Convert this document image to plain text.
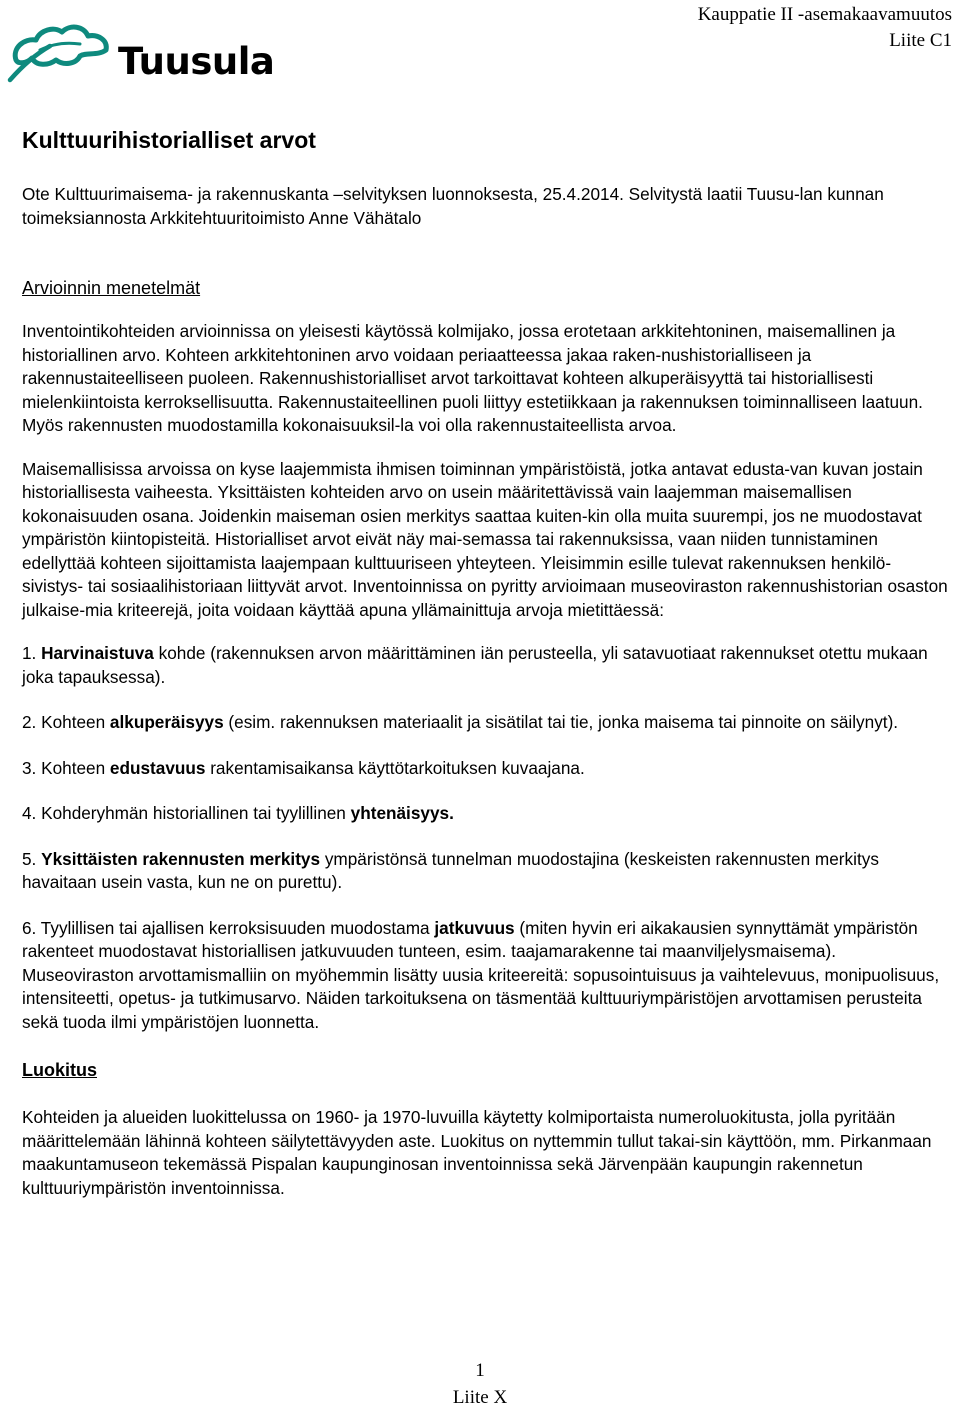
Tuusula
Kauppatie II -asemakaavamuutos
Liite C1
Kulttuurihistorialliset arvot

Ote Kulttuurimaisema- ja rakennuskanta –selvityksen luonnoksesta, 25.4.2014. Selvitystä laatii Tuusu-lan kunnan toimeksiannosta Arkkitehtuuritoimisto Anne Vähätalo

Arvioinnin menetelmät

Inventointikohteiden arvioinnissa on yleisesti käytössä kolmijako, jossa erotetaan arkkitehtoninen, maisemallinen ja historiallinen arvo. Kohteen arkkitehtoninen arvo voidaan periaatteessa jakaa raken-nushistorialliseen ja rakennustaiteelliseen puoleen. Rakennushistorialliset arvot tarkoittavat kohteen alkuperäisyyttä tai historiallisesti mielenkiintoista kerroksellisuutta. Rakennustaiteellinen puoli liittyy estetiikkaan ja rakennuksen toiminnalliseen laatuun. Myös rakennusten muodostamilla kokonaisuuksil-la voi olla rakennustaiteellista arvoa.

Maisemallisissa arvoissa on kyse laajemmista ihmisen toiminnan ympäristöistä, jotka antavat edusta-van kuvan jostain historiallisesta vaiheesta. Yksittäisten kohteiden arvo on usein määritettävissä vain laajemman maisemallisen kokonaisuuden osana. Joidenkin maiseman osien merkitys saattaa kuiten-kin olla muita suurempi, jos ne muodostavat ympäristön kiintopisteitä. Historialliset arvot eivät näy mai-semassa tai rakennuksissa, vaan niiden tunnistaminen edellyttää kohteen sijoittamista laajempaan kulttuuriseen yhteyteen. Yleisimmin esille tulevat rakennuksen henkilö- sivistys- tai sosiaalihistoriaan liittyvät arvot. Inventoinnissa on pyritty arvioimaan museoviraston rakennushistorian osaston julkaise-mia kriteerejä, joita voidaan käyttää apuna yllämainittuja arvoja mietittäessä:

1. Harvinaistuva kohde (rakennuksen arvon määrittäminen iän perusteella, yli satavuotiaat rakennukset otettu mukaan joka tapauksessa).

2. Kohteen alkuperäisyys (esim. rakennuksen materiaalit ja sisätilat tai tie, jonka maisema tai pinnoite on säilynyt).

3. Kohteen edustavuus rakentamisaikansa käyttötarkoituksen kuvaajana.

4. Kohderyhmän historiallinen tai tyylillinen yhtenäisyys.

5. Yksittäisten rakennusten merkitys ympäristönsä tunnelman muodostajina (keskeisten rakennusten merkitys havaitaan usein vasta, kun ne on purettu).

6. Tyylillisen tai ajallisen kerroksisuuden muodostama jatkuvuus (miten hyvin eri aikakausien synnyttämät ympäristön rakenteet muodostavat historiallisen jatkuvuuden tunteen, esim. taajamarakenne tai maanviljelysmaisema).

Museoviraston arvottamismalliin on myöhemmin lisätty uusia kriteereitä: sopusointuisuus ja vaihtelevuus, monipuolisuus, intensiteetti, opetus- ja tutkimusarvo. Näiden tarkoituksena on täsmentää kulttuuriympäristöjen arvottamisen perusteita sekä tuoda ilmi ympäristöjen luonnetta.

Luokitus

Kohteiden ja alueiden luokittelussa on 1960- ja 1970-luvuilla käytetty kolmiportaista numeroluokitusta, jolla pyritään määrittelemään lähinnä kohteen säilytettävyyden aste. Luokitus on nyttemmin tullut takai-sin käyttöön, mm. Pirkanmaan maakuntamuseon tekemässä Pispalan kaupunginosan inventoinnissa sekä Järvenpään kaupungin rakennetun kulttuuriympäristön inventoinnissa.

1
Liite X
